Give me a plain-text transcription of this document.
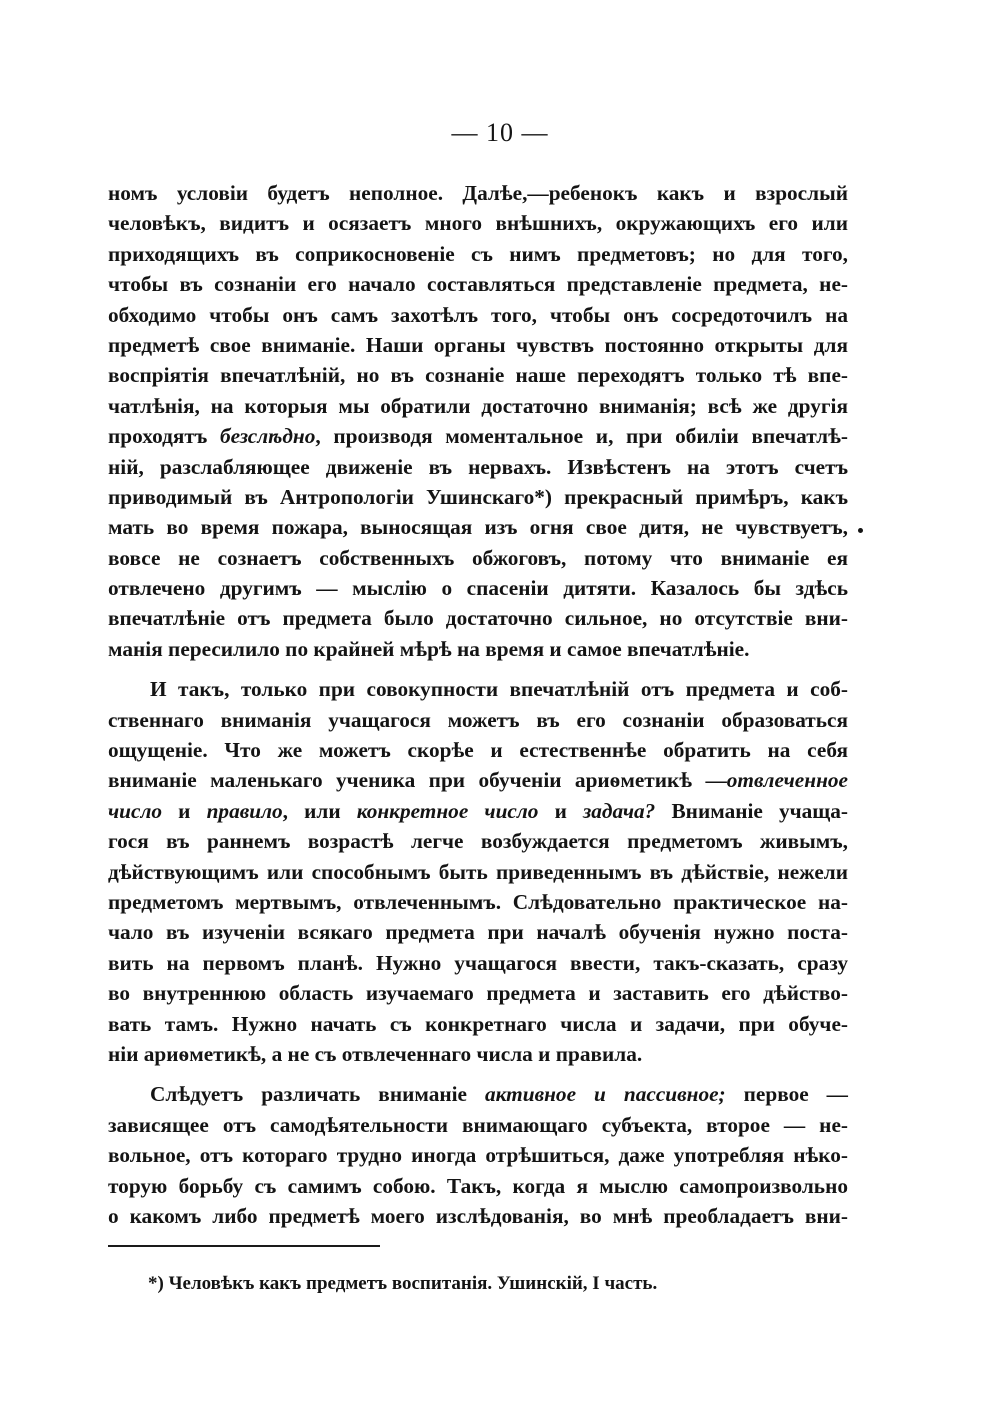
— 10 —
номъ условіи будетъ неполное. Далѣе,—ребенокъ какъ и взрослый
человѣкъ, видитъ и осязаетъ много внѣшнихъ, окружающихъ его или
приходящихъ въ соприкосновеніе съ нимъ предметовъ; но для того,
чтобы въ сознаніи его начало составляться представленіе предмета, не-
обходимо чтобы онъ самъ захотѣлъ того, чтобы онъ сосредоточилъ на
предметѣ свое вниманіе. Наши органы чувствъ постоянно открыты для
воспріятія впечатлѣній, но въ сознаніе наше переходятъ только тѣ впе-
чатлѣнія, на которыя мы обратили достаточно вниманія; всѣ же другія
проходятъ безслѣдно, производя моментальное и, при обиліи впечатлѣ-
ній, разслабляющее движеніе въ нервахъ. Извѣстенъ на этотъ счетъ
приводимый въ Антропологіи Ушинскаго*) прекрасный примѣръ, какъ
мать во время пожара, выносящая изъ огня свое дитя, не чувствуетъ,
вовсе не сознаетъ собственныхъ обжоговъ, потому что вниманіе ея
отвлечено другимъ — мыслію о спасеніи дитяти. Казалось бы здѣсь
впечатлѣніе отъ предмета было достаточно сильное, но отсутствіе вни-
манія пересилило по крайней мѣрѣ на время и самое впечатлѣніе.
И такъ, только при совокупности впечатлѣній отъ предмета и соб-
ственнаго вниманія учащагося можетъ въ его сознаніи образоваться
ощущеніе. Что же можетъ скорѣе и естественнѣе обратить на себя
вниманіе маленькаго ученика при обученіи ариѳметикѣ —отвлеченное
число и правило, или конкретное число и задача? Вниманіе учаща-
гося въ раннемъ возрастѣ легче возбуждается предметомъ живымъ,
дѣйствующимъ или способнымъ быть приведеннымъ въ дѣйствіе, нежели
предметомъ мертвымъ, отвлеченнымъ. Слѣдовательно практическое на-
чало въ изученіи всякаго предмета при началѣ обученія нужно поста-
вить на первомъ планѣ. Нужно учащагося ввести, такъ-сказать, сразу
во внутреннюю область изучаемаго предмета и заставить его дѣйство-
вать тамъ. Нужно начать съ конкретнаго числа и задачи, при обуче-
ніи ариѳметикѣ, а не съ отвлеченнаго числа и правила.
Слѣдуетъ различать вниманіе активное и пассивное; первое —
зависящее отъ самодѣятельности внимающаго субъекта, второе — не-
вольное, отъ котораго трудно иногда отрѣшиться, даже употребляя нѣко-
торую борьбу съ самимъ собою. Такъ, когда я мыслю самопроизвольно
о какомъ либо предметѣ моего изслѣдованія, во мнѣ преобладаетъ вни-
*) Человѣкъ какъ предметъ воспитанія. Ушинскій, I часть.
